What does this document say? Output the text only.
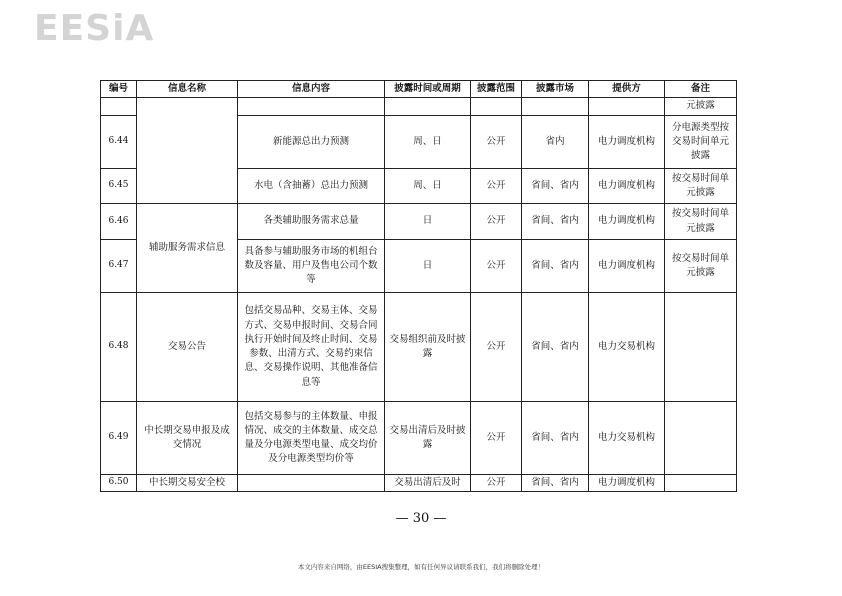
EESiA
编号	信息名称	信息内容	披露时间或周期	披露范围	披露市场	提供方	备注
							元披露
6.44		新能源总出力预测	周、日	公开	省内	电力调度机构	分电源类型按交易时间单元披露
6.45		水电（含抽蓄）总出力预测	周、日	公开	省间、省内	电力调度机构	按交易时间单元披露
6.46	辅助服务需求信息	各类辅助服务需求总量	日	公开	省间、省内	电力调度机构	按交易时间单元披露
6.47		具备参与辅助服务市场的机组台数及容量、用户及售电公司个数等	日	公开	省间、省内	电力调度机构	按交易时间单元披露
6.48	交易公告	包括交易品种、交易主体、交易方式、交易申报时间、交易合同执行开始时间及终止时间、交易参数、出清方式、交易约束信息、交易操作说明、其他准备信息等	交易组织前及时披露	公开	省间、省内	电力交易机构	
6.49	中长期交易申报及成交情况	包括交易参与的主体数量、申报情况、成交的主体数量、成交总量及分电源类型电量、成交均价及分电源类型均价等	交易出清后及时披露	公开	省间、省内	电力交易机构	
6.50	中长期交易安全校		交易出清后及时	公开	省间、省内	电力调度机构	
— 30 —
本文内容来自网络，由EESIA搜集整理，如有任何异议请联系我们，我们将删除处理！
